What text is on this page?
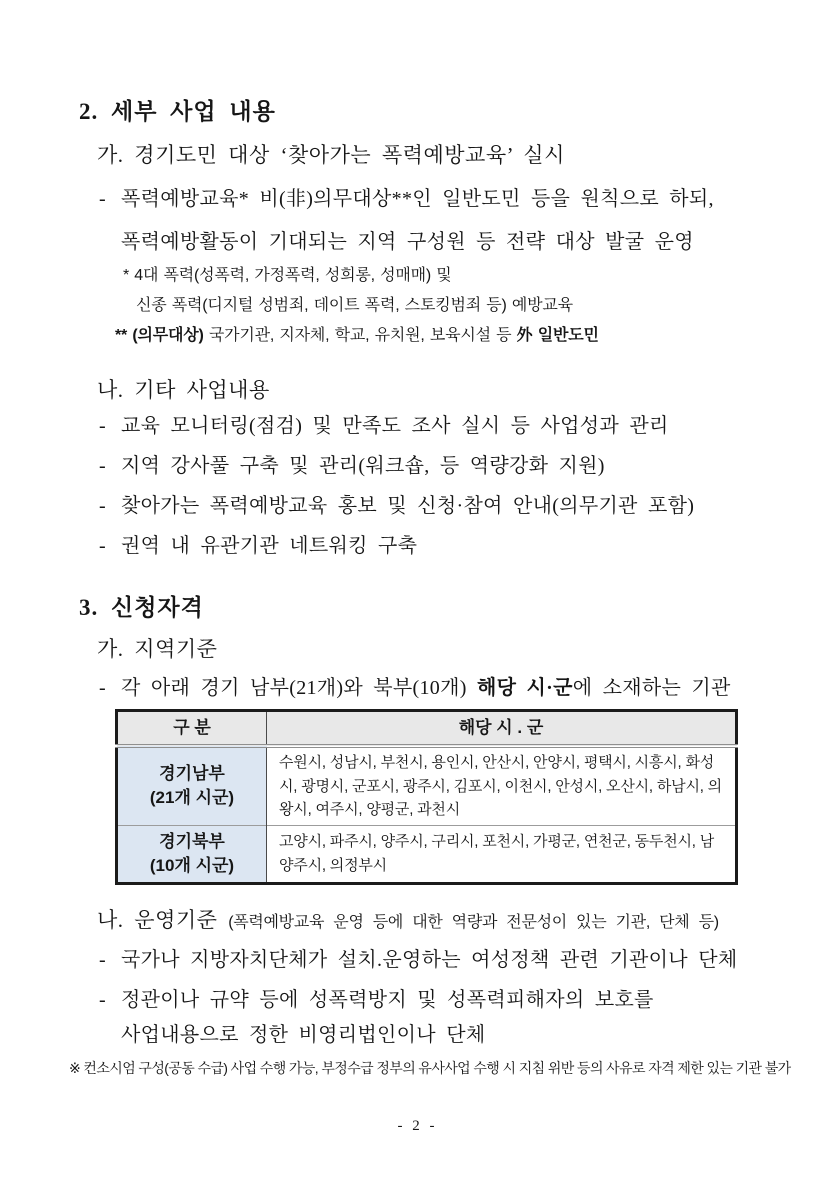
2. 세부 사업 내용
가. 경기도민 대상 ‘찾아가는 폭력예방교육’ 실시
- 폭력예방교육* 비(非)의무대상**인 일반도민 등을 원칙으로 하되,
폭력예방활동이 기대되는 지역 구성원 등 전략 대상 발굴 운영
* 4대 폭력(성폭력, 가정폭력, 성희롱, 성매매) 및
신종 폭력(디지털 성범죄, 데이트 폭력, 스토킹범죄 등) 예방교육
** (의무대상) 국가기관, 지자체, 학교, 유치원, 보육시설 등 外 일반도민
나. 기타 사업내용
- 교육 모니터링(점검) 및 만족도 조사 실시 등 사업성과 관리
- 지역 강사풀 구축 및 관리(워크숍, 등 역량강화 지원)
- 찾아가는 폭력예방교육 홍보 및 신청·참여 안내(의무기관 포함)
- 권역 내 유관기관 네트워킹 구축
3. 신청자격
가. 지역기준
- 각 아래 경기 남부(21개)와 북부(10개) 해당 시·군에 소재하는 기관
구 분	해당 시 . 군

경기남부
(21개 시군)	수원시, 성남시, 부천시, 용인시, 안산시, 안양시, 평택시, 시흥시, 화성시, 광명시, 군포시, 광주시, 김포시, 이천시, 안성시, 오산시, 하남시, 의왕시, 여주시, 양평군, 과천시

경기북부
(10개 시군)	고양시, 파주시, 양주시, 구리시, 포천시, 가평군, 연천군, 동두천시, 남양주시, 의정부시
나. 운영기준 (폭력예방교육 운영 등에 대한 역량과 전문성이 있는 기관, 단체 등)
- 국가나 지방자치단체가 설치.운영하는 여성정책 관련 기관이나 단체
- 정관이나 규약 등에 성폭력방지 및 성폭력피해자의 보호를
사업내용으로 정한 비영리법인이나 단체
※ 컨소시엄 구성(공동 수급) 사업 수행 가능, 부정수급 정부의 유사사업 수행 시 지침 위반 등의 사유로 자격 제한 있는 기관 불가
- 2 -
